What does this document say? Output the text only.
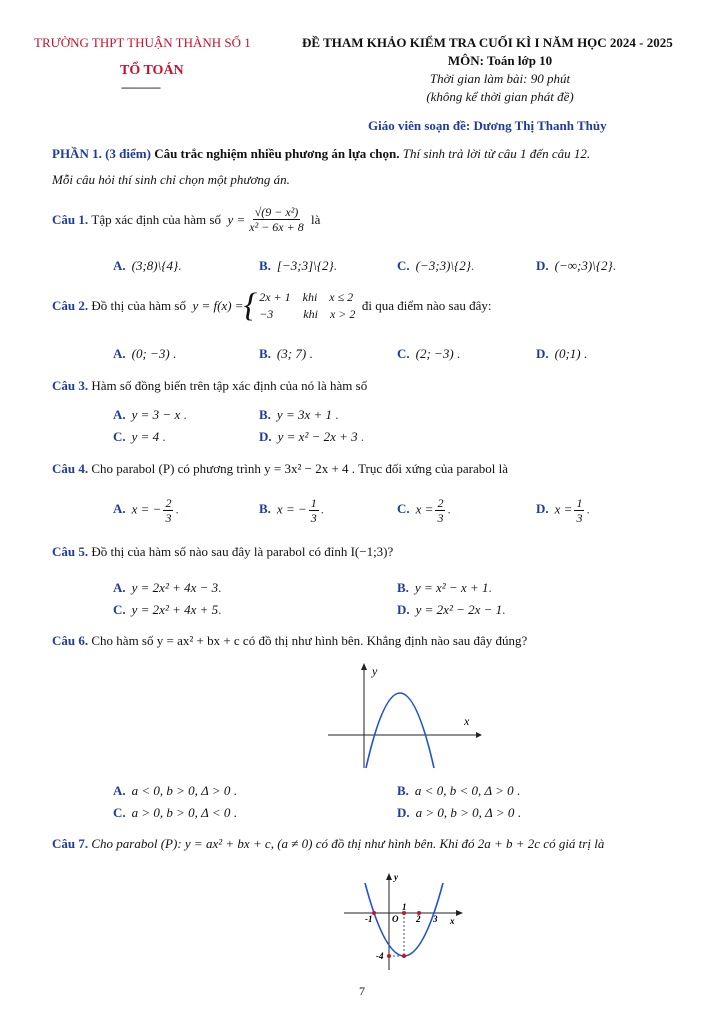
TRƯỜNG THPT THUẬN THÀNH SỐ 1
TỔ TOÁN
-------------
ĐỀ THAM KHẢO KIỂM TRA CUỐI KÌ I NĂM HỌC 2024 - 2025
MÔN: Toán lớp 10
Thời gian làm bài: 90 phút
(không kể thời gian phát đề)
Giáo viên soạn đề: Dương Thị Thanh Thủy
PHẦN 1. (3 điểm) Câu trắc nghiệm nhiều phương án lựa chọn. Thí sinh trả lời từ câu 1 đến câu 12.
Mỗi câu hỏi thí sinh chỉ chọn một phương án.
Câu 1.
Tập xác định của hàm số
$y = \frac{\text{√(9 − x²)}}{\text{x² − 6x + 8}}$
là
A. (3;8)\{4}.	B. [−3;3]\{2}.	C. (−3;3)\{2}.	D. (−∞;3)\{2}.
Câu 2.
Đồ thị của hàm số
y = f(x) = { 2x + 1    khi    x ≤ 2
−3          khi    x > 2

đi qua điểm nào sau đây:
A. (0; −3) .	B. (3; 7) .	C. (2; −3) .	D. (0;1) .
Câu 3. Hàm số đồng biến trên tập xác định của nó là hàm số
A. y = 3 − x .	B. y = 3x + 1 .
C. y = 4 .	D. y = x² − 2x + 3 .
Câu 4. Cho parabol (P) có phương trình y = 3x² − 2x + 4 . Trục đối xứng của parabol là
A. x = − $\frac{2}{3}$ .	B. x = − $\frac{1}{3}$ .	C. $x = \frac{2}{3}$ .	D. $x = \frac{1}{3}$ .
Câu 5. Đồ thị của hàm số nào sau đây là parabol có đỉnh I(−1;3)?
A. y = 2x² + 4x − 3.	B. y = x² − x + 1.
C. y = 2x² + 4x + 5.	D. y = 2x² − 2x − 1.
Câu 6. Cho hàm số y = ax² + bx + c có đồ thị như hình bên. Khẳng định nào sau đây đúng?
y
x
A. a < 0, b > 0, Δ > 0 .	B. a < 0, b < 0, Δ > 0 .
C. a > 0, b > 0, Δ < 0 .	D. a > 0, b > 0, Δ > 0 .
Câu 7. Cho parabol (P): y = ax² + bx + c, (a ≠ 0) có đồ thị như hình bên. Khi đó 2a + b + 2c có giá trị là
y
x
O
-1
1
2 3
-4
7
